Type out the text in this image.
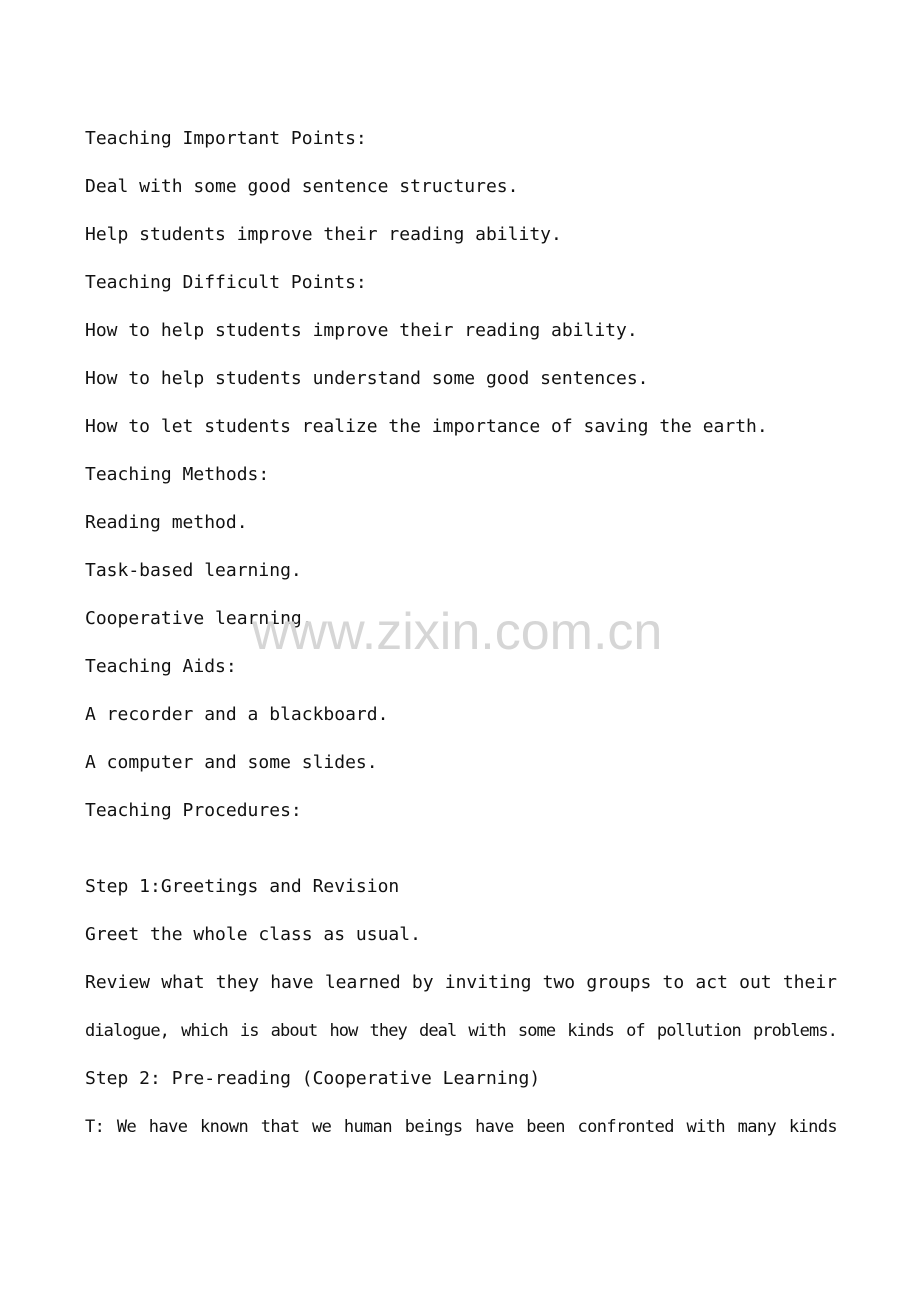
Teaching Important Points:
Deal with some good sentence structures.
Help students improve their reading ability.
Teaching Difficult Points:
How to help students improve their reading ability.
How to help students understand some good sentences.
How to let students realize the importance of saving the earth.
Teaching Methods:
Reading method.
Task-based learning.
Cooperative learning.
Teaching Aids:
A recorder and a blackboard.
A computer and some slides.
Teaching Procedures:
Step 1:Greetings and Revision
Greet the whole class as usual.
Review what they have learned by inviting two groups to act out their
dialogue, which is about how they deal with some kinds of pollution problems.
Step 2: Pre-reading (Cooperative Learning)
T: We have known that we human beings have been confronted with many kinds
www.zixin.com.cn
